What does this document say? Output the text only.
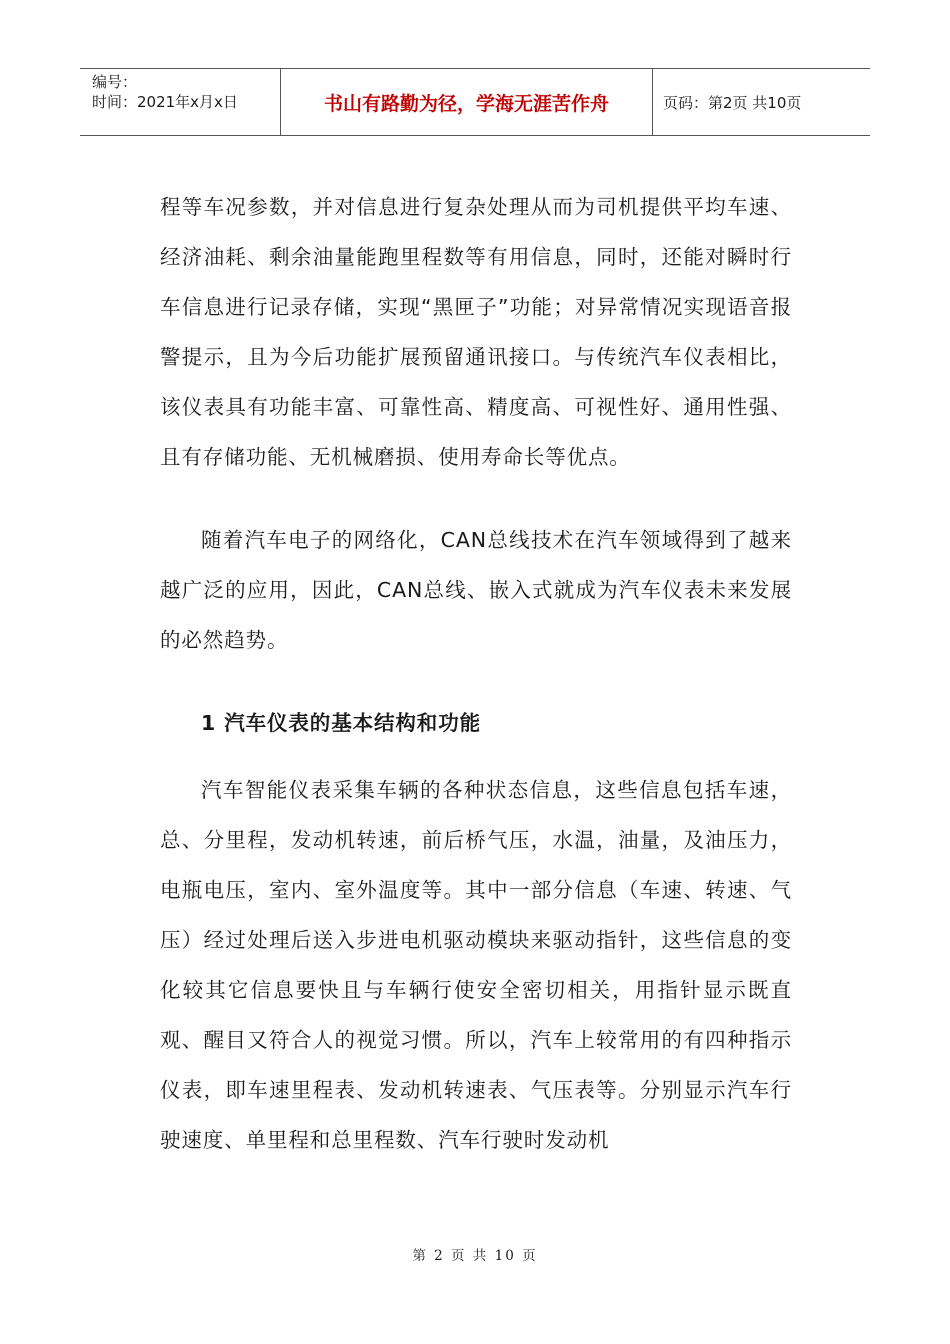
编号：
时间：2021年x月x日	书山有路勤为径，学海无涯苦作舟	页码：第2页 共10页

程等车况参数，并对信息进行复杂处理从而为司机提供平均车速、经济油耗、剩余油量能跑里程数等有用信息，同时，还能对瞬时行车信息进行记录存储，实现“黑匣子”功能；对异常情况实现语音报警提示，且为今后功能扩展预留通讯接口。与传统汽车仪表相比，该仪表具有功能丰富、可靠性高、精度高、可视性好、通用性强、且有存储功能、无机械磨损、使用寿命长等优点。

随着汽车电子的网络化，CAN总线技术在汽车领域得到了越来越广泛的应用，因此，CAN总线、嵌入式就成为汽车仪表未来发展的必然趋势。

1 汽车仪表的基本结构和功能

汽车智能仪表采集车辆的各种状态信息，这些信息包括车速，总、分里程，发动机转速，前后桥气压，水温，油量，及油压力，电瓶电压，室内、室外温度等。其中一部分信息（车速、转速、气压）经过处理后送入步进电机驱动模块来驱动指针，这些信息的变化较其它信息要快且与车辆行使安全密切相关，用指针显示既直观、醒目又符合人的视觉习惯。所以，汽车上较常用的有四种指示仪表，即车速里程表、发动机转速表、气压表等。分别显示汽车行驶速度、单里程和总里程数、汽车行驶时发动机

第 2 页 共 10 页
